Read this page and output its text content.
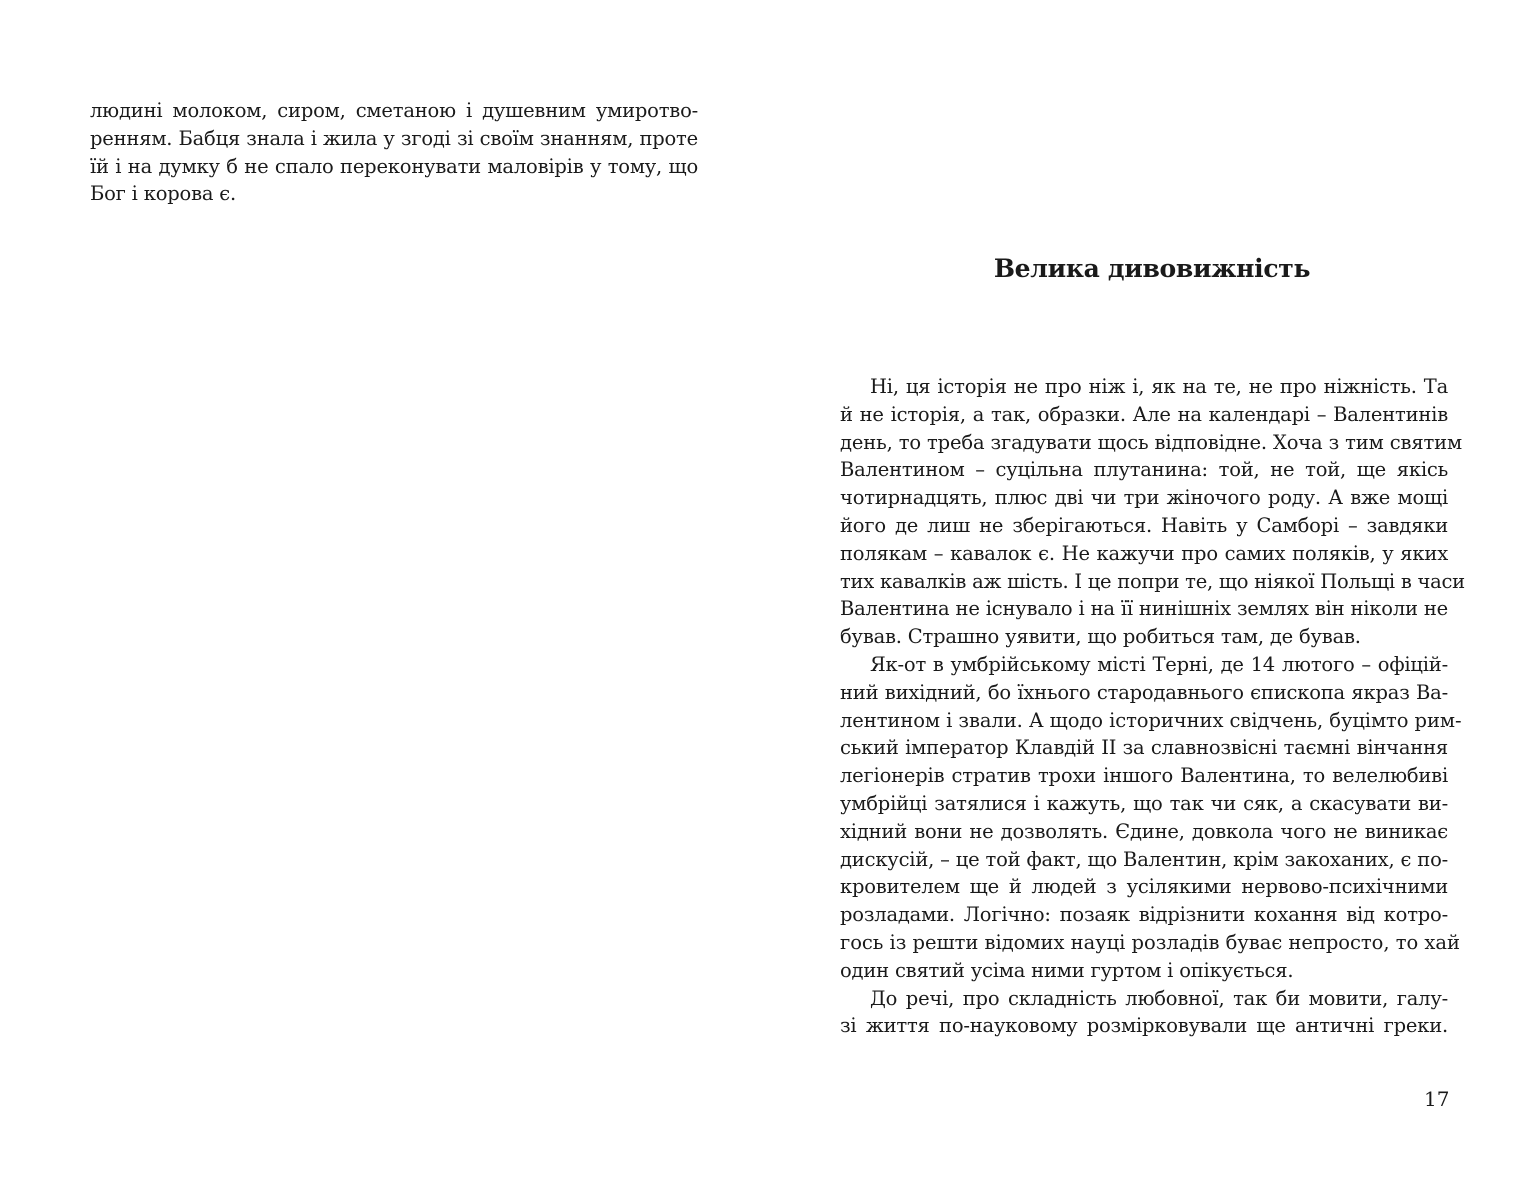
людині молоком, сиром, сметаною і душевним умиротво-
ренням. Бабця знала і жила у згоді зі своїм знанням, проте
їй і на думку б не спало переконувати маловірів у тому, що
Бог і корова є.
Велика дивовижність
Ні, ця історія не про ніж і, як на те, не про ніжність. Та
й не історія, а так, образки. Але на календарі – Валентинів
день, то треба згадувати щось відповідне. Хоча з тим святим
Валентином – суцільна плутанина: той, не той, ще якісь
чотирнадцять, плюс дві чи три жіночого роду. А вже мощі
його де лиш не зберігаються. Навіть у Самборі – завдяки
полякам – кавалок є. Не кажучи про самих поляків, у яких
тих кавалків аж шість. І це попри те, що ніякої Польщі в часи
Валентина не існувало і на її нинішніх землях він ніколи не
бував. Страшно уявити, що робиться там, де бував.
Як-от в умбрійському місті Терні, де 14 лютого – офіцій-
ний вихідний, бо їхнього стародавнього єпископа якраз Ва-
лентином і звали. А щодо історичних свідчень, буцімто рим-
ський імператор Клавдій II за славнозвісні таємні вінчання
легіонерів стратив трохи іншого Валентина, то велелюбиві
умбрійці затялися і кажуть, що так чи сяк, а скасувати ви-
хідний вони не дозволять. Єдине, довкола чого не виникає
дискусій, – це той факт, що Валентин, крім закоханих, є по-
кровителем ще й людей з усілякими нервово-психічними
розладами. Логічно: позаяк відрізнити кохання від котро-
гось із решти відомих науці розладів буває непросто, то хай
один святий усіма ними гуртом і опікується.
До речі, про складність любовної, так би мовити, галу-
зі життя по-науковому розмірковували ще античні греки.
17
